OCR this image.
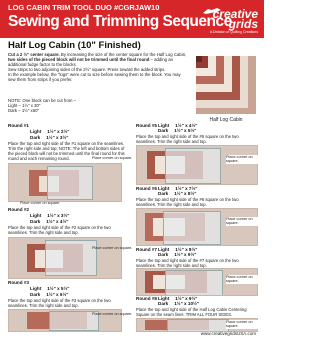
LOG CABIN TRIM TOOL DUO #CGRJAW10
Sewing and Trimming Sequence
creative
grids
A Division of Quilting Creations
Half Log Cabin (10" Finished)
Cut a 2 ½" center square. By increasing the size of the center square for the Half Log Cabin, two sides of the pieced block will not be trimmed until the final round – adding an additional fudge factor to the blocks.
Sew strips to two adjoining sides of the 2½" square. Press toward the added strips.
In the example below, the "logs" were cut to size before sewing them to the block. You may sew them from strips if you prefer.
NOTE: One block can be cut from –
Light – 1½" x 30"
Dark – 1½" x60"
Half Log Cabin
Round #1
Light 1½" x 2½"
Dark 1½" x 3½"
Place the top and right side of the #1 square on the seamlines. Trim the right side and top; NOTE: The left and bottom sides of the pieced block will not be trimmed until the final round for this round and each remaining round.	Place corner on square.
Place corner on square.
Round #2
Light 1½" x 3½"
Dark 1½" x 4½"
Place the top and right side of the #2 square on the two seamlines. Trim the right side and top.
Place corner on square.
Round #3
Light 1½" x 5½"
Dark 1½" x 6½"
Place the top and right side of the #3 square on the two seamlines. Trim the right side and top.
Place corner on square.
Round #5 Light 1½" x 4½"
Dark 1½" x 5½"
Place the top and right side of the #5 square on the two seamlines. Trim the right side and top.
Place corner on square.
Round #6 Light 1½" x 7½"
Dark 1½" x 8½"
Place the top and right side of the #6 square on the two seamlines. Trim the right side and top.
Place corner on square.
Round #7 Light 1½" x 8½"
Dark 1½" x 9½"
Place the top and right side of the #7 square on the two seamlines. Trim the right side and top.
Place corner on square.
Round #8 Light 1½" x 9½"
Dark 1½" x 10½"
Place the top and right side of the Half Log Cabin Centering Square on the seam lines. TRIM ALL FOUR SIDES.
Place corner on square.
www.creativegridsUSA.com
